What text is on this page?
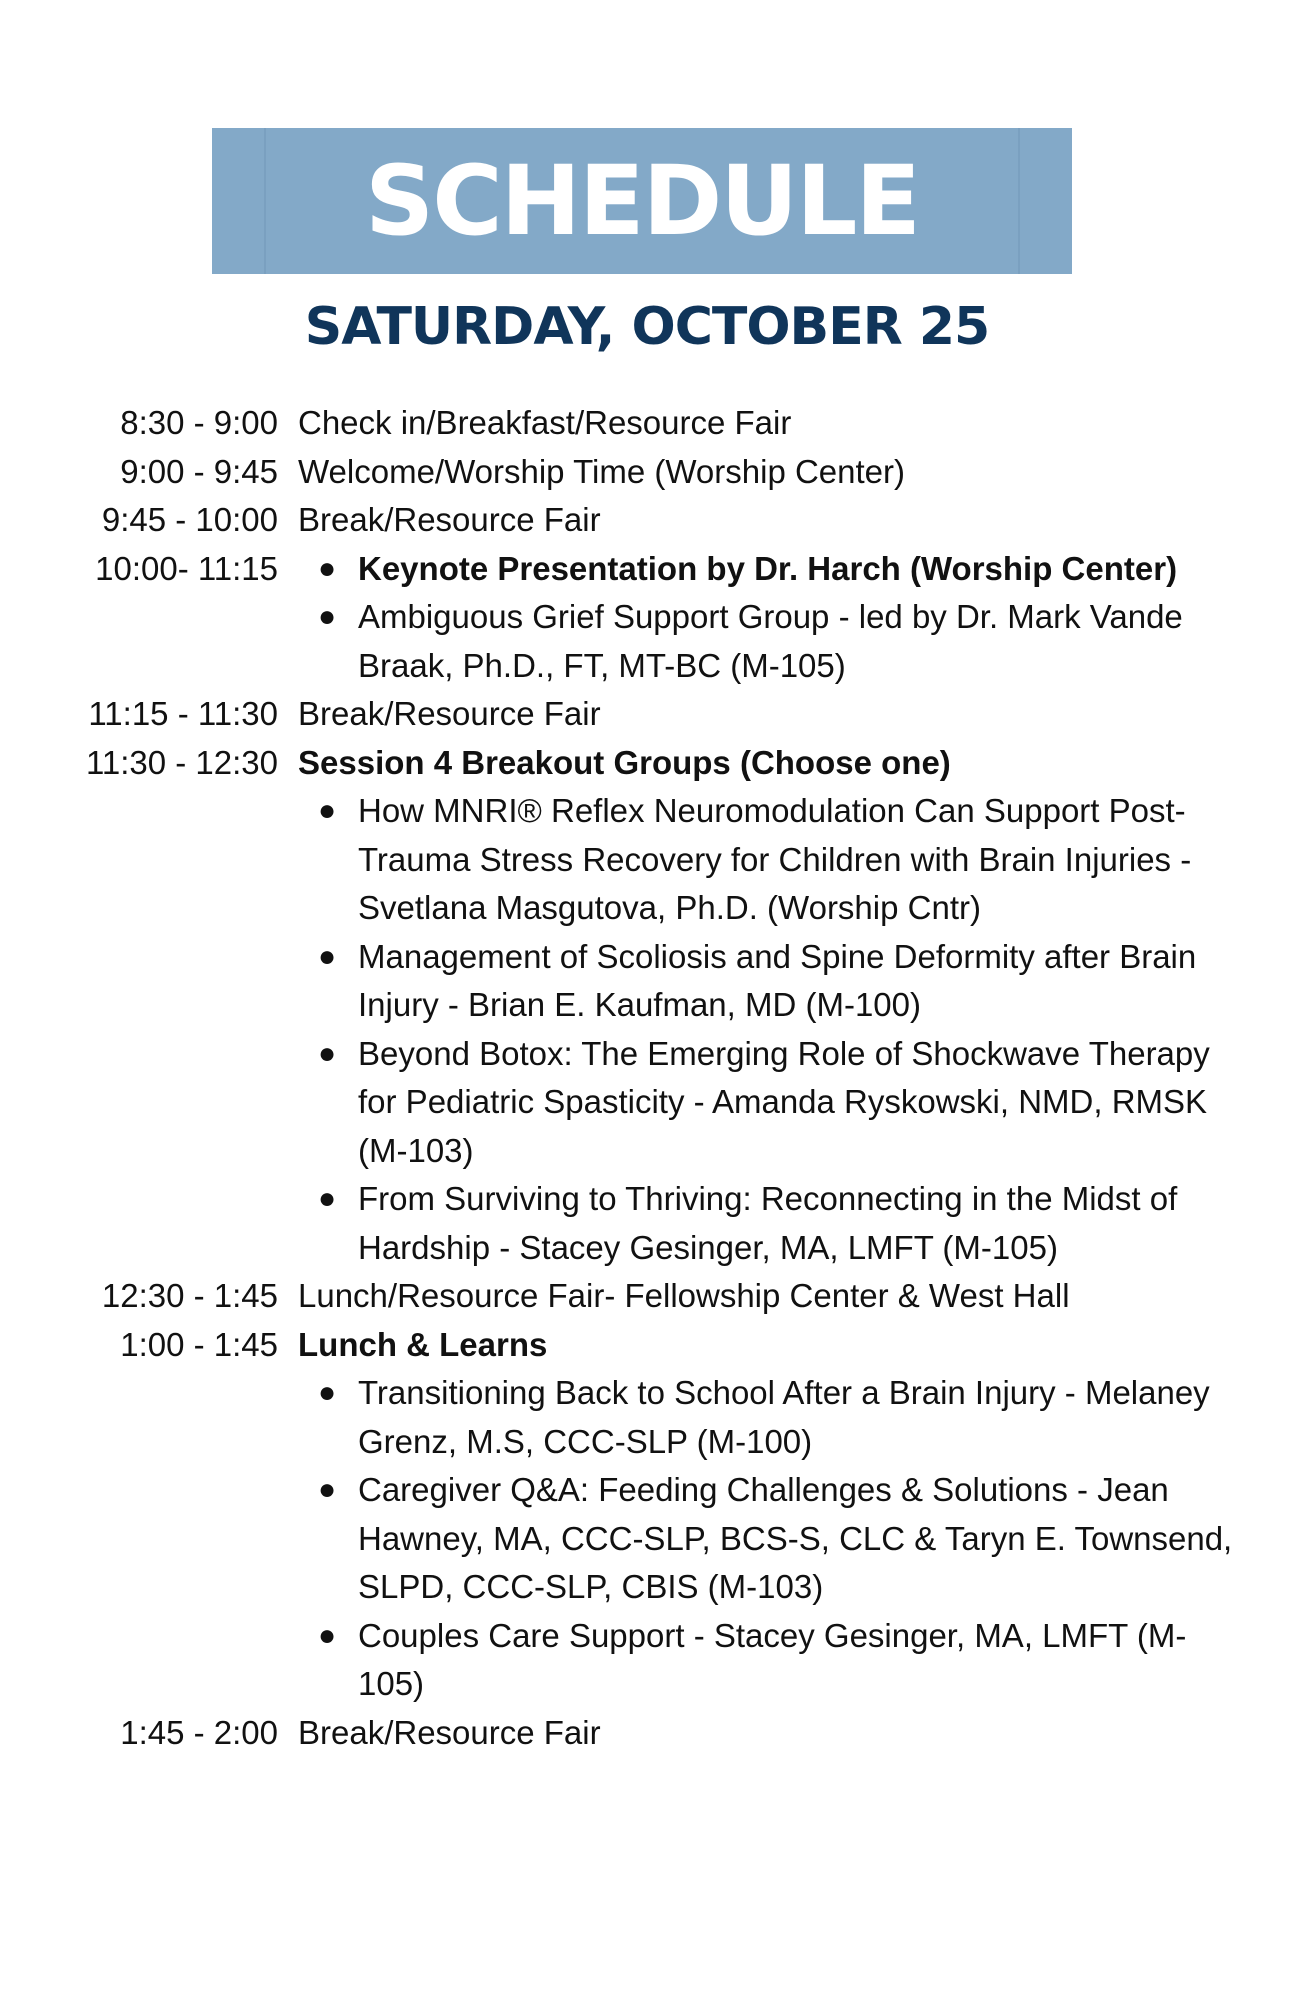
SCHEDULE
SATURDAY, OCTOBER 25
8:30 - 9:00 Check in/Breakfast/Resource Fair
9:00 - 9:45 Welcome/Worship Time (Worship Center)
9:45 - 10:00 Break/Resource Fair
10:00- 11:15 ● Keynote Presentation by Dr. Harch (Worship Center)
● Ambiguous Grief Support Group - led by Dr. Mark Vande Braak, Ph.D., FT, MT-BC (M-105)
11:15 - 11:30 Break/Resource Fair
11:30 - 12:30 Session 4 Breakout Groups (Choose one)
● How MNRI® Reflex Neuromodulation Can Support Post-Trauma Stress Recovery for Children with Brain Injuries - Svetlana Masgutova, Ph.D. (Worship Cntr)
● Management of Scoliosis and Spine Deformity after Brain Injury - Brian E. Kaufman, MD (M-100)
● Beyond Botox: The Emerging Role of Shockwave Therapy for Pediatric Spasticity - Amanda Ryskowski, NMD, RMSK (M-103)
● From Surviving to Thriving: Reconnecting in the Midst of Hardship - Stacey Gesinger, MA, LMFT (M-105)
12:30 - 1:45 Lunch/Resource Fair- Fellowship Center & West Hall
1:00 - 1:45 Lunch & Learns
● Transitioning Back to School After a Brain Injury - Melaney Grenz, M.S, CCC-SLP (M-100)
● Caregiver Q&A: Feeding Challenges & Solutions - Jean Hawney, MA, CCC-SLP, BCS-S, CLC & Taryn E. Townsend, SLPD, CCC-SLP, CBIS (M-103)
● Couples Care Support - Stacey Gesinger, MA, LMFT (M-105)
1:45 - 2:00 Break/Resource Fair
